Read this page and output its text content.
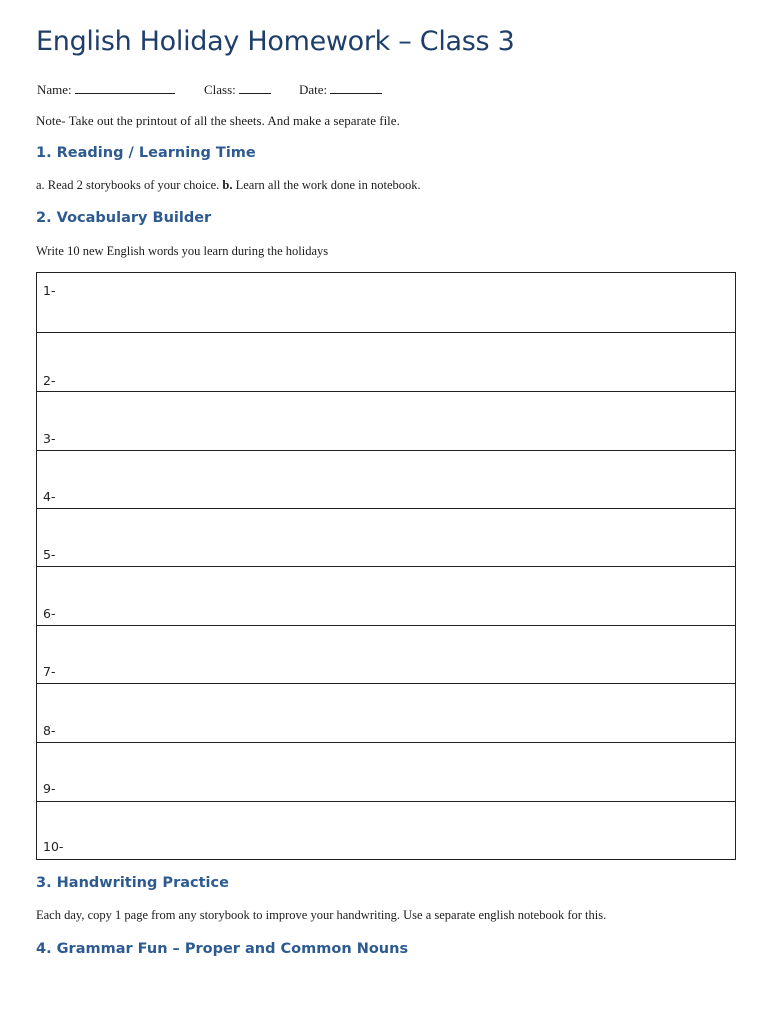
English Holiday Homework – Class 3
Name:	Class:	Date:
Note- Take out the printout of all the sheets. And make a separate file.
1. Reading / Learning Time
a. Read 2 storybooks of your choice. b. Learn all the work done in notebook.
2. Vocabulary Builder
Write 10 new English words you learn during the holidays
1-
2-
3-
4-
5-
6-
7-
8-
9-
10-
3. Handwriting Practice
Each day, copy 1 page from any storybook to improve your handwriting. Use a separate english notebook for this.
4. Grammar Fun – Proper and Common Nouns
